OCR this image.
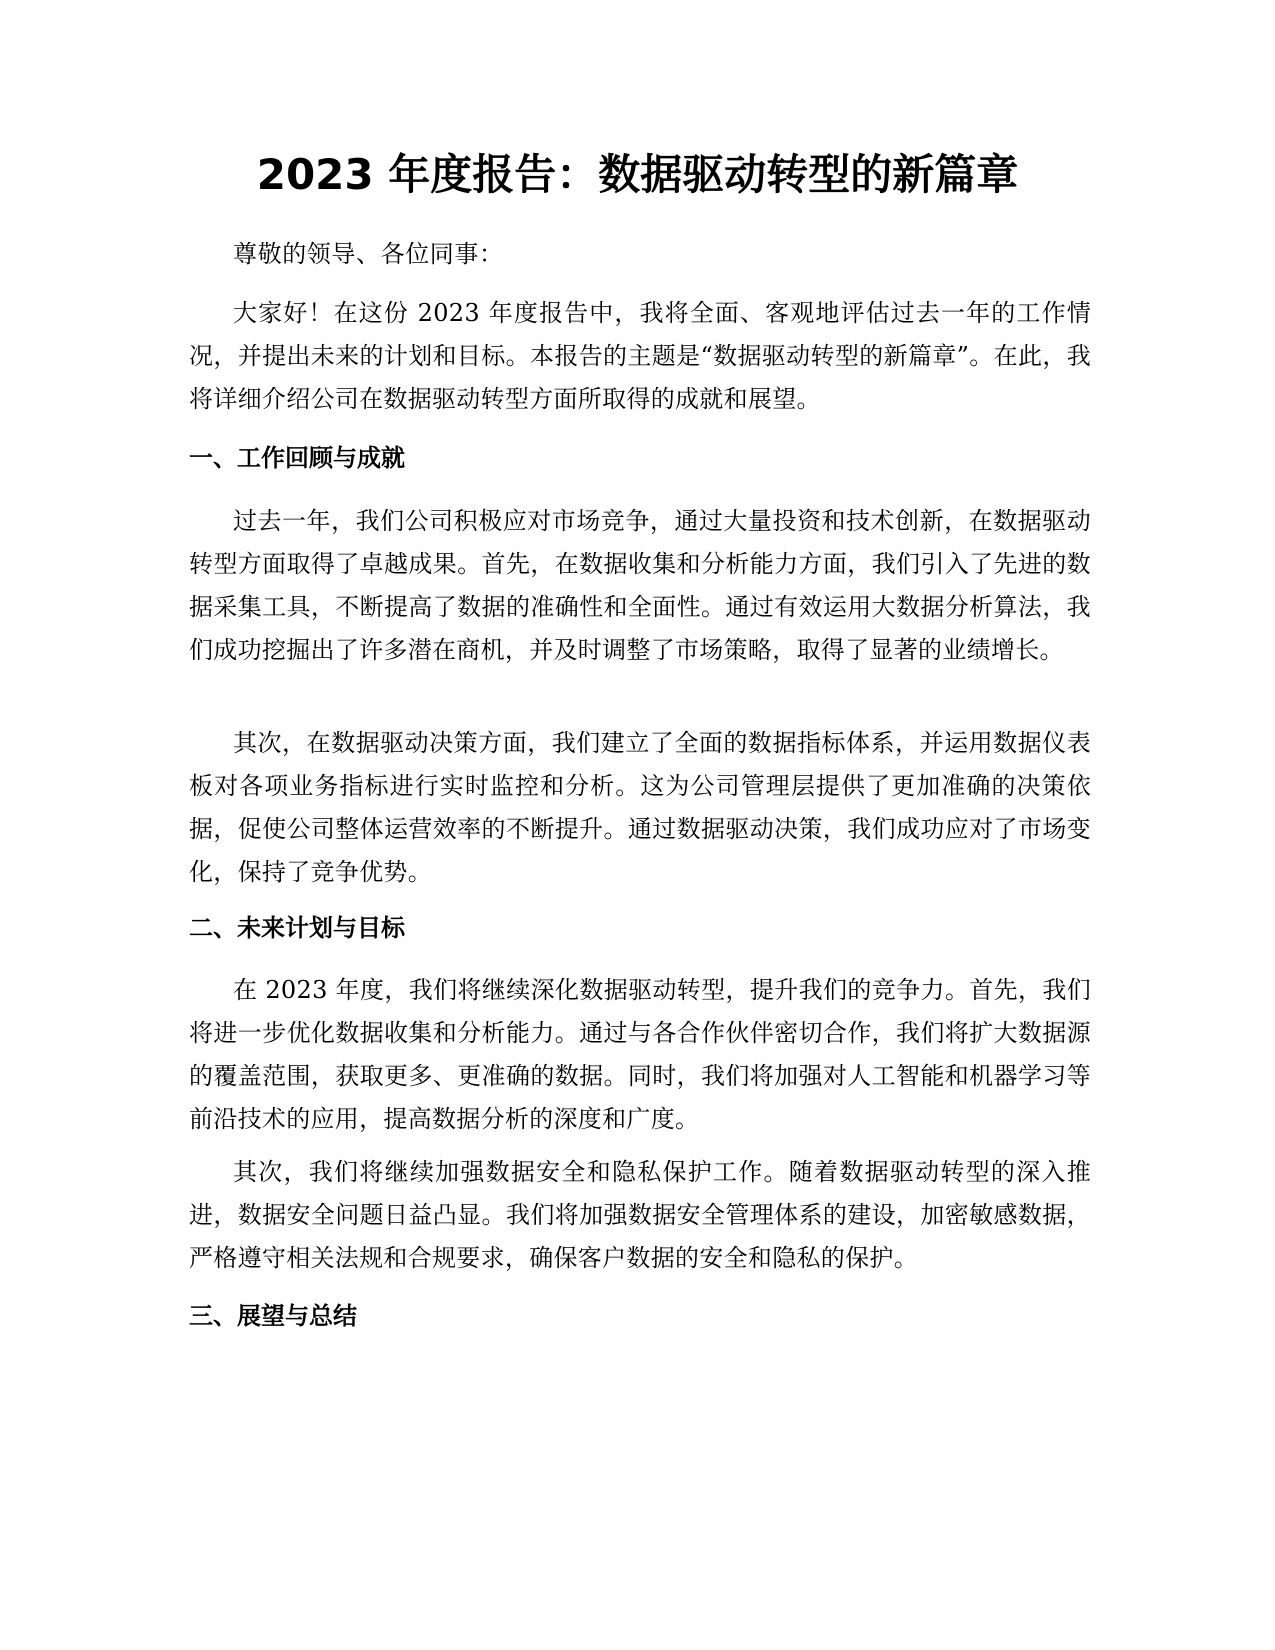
2023 年度报告：数据驱动转型的新篇章

尊敬的领导、各位同事：

大家好！在这份 2023 年度报告中，我将全面、客观地评估过去一年的工作情况，并提出未来的计划和目标。本报告的主题是“数据驱动转型的新篇章”。在此，我将详细介绍公司在数据驱动转型方面所取得的成就和展望。

一、工作回顾与成就

过去一年，我们公司积极应对市场竞争，通过大量投资和技术创新，在数据驱动转型方面取得了卓越成果。首先，在数据收集和分析能力方面，我们引入了先进的数据采集工具，不断提高了数据的准确性和全面性。通过有效运用大数据分析算法，我们成功挖掘出了许多潜在商机，并及时调整了市场策略，取得了显著的业绩增长。

其次，在数据驱动决策方面，我们建立了全面的数据指标体系，并运用数据仪表板对各项业务指标进行实时监控和分析。这为公司管理层提供了更加准确的决策依据，促使公司整体运营效率的不断提升。通过数据驱动决策，我们成功应对了市场变化，保持了竞争优势。

二、未来计划与目标

在 2023 年度，我们将继续深化数据驱动转型，提升我们的竞争力。首先，我们将进一步优化数据收集和分析能力。通过与各合作伙伴密切合作，我们将扩大数据源的覆盖范围，获取更多、更准确的数据。同时，我们将加强对人工智能和机器学习等前沿技术的应用，提高数据分析的深度和广度。

其次，我们将继续加强数据安全和隐私保护工作。随着数据驱动转型的深入推进，数据安全问题日益凸显。我们将加强数据安全管理体系的建设，加密敏感数据，严格遵守相关法规和合规要求，确保客户数据的安全和隐私的保护。

三、展望与总结
